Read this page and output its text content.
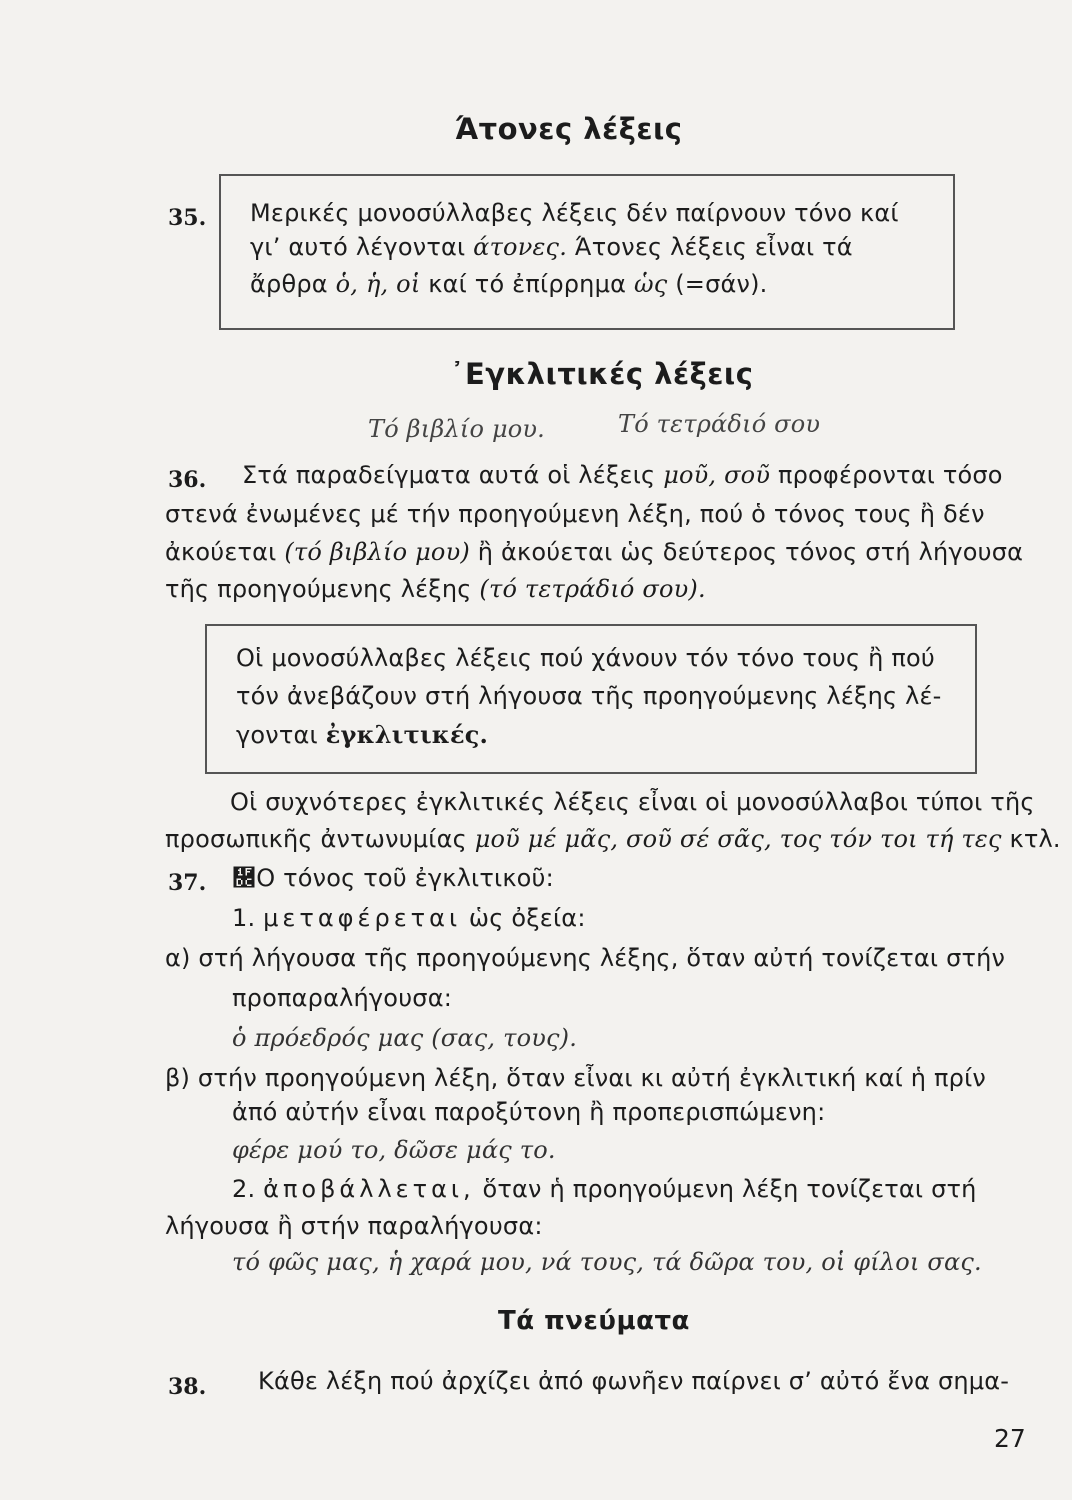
Άτονες λέξεις
35. Μερικές μονοσύλλαβες λέξεις δέν παίρνουν τόνο καί
γι’ αυτό λέγονται άτονες. Άτονες λέξεις εἶναι τά
ἄρθρα ὁ, ἡ, οἱ καί τό ἐπίρρημα ὡς (=σάν).
᾿Εγκλιτικές λέξεις
Τό βιβλίο μου.	Τό τετράδιό σου
36. Στά παραδείγματα αυτά οἱ λέξεις μοῦ, σοῦ προφέρονται τόσο
στενά ἐνωμένες μέ τήν προηγούμενη λέξη, πού ὁ τόνος τους ἢ δέν
ἀκούεται (τό βιβλίο μου) ἢ ἀκούεται ὡς δεύτερος τόνος στή λήγουσα
τῆς προηγούμενης λέξης (τό τετράδιό σου).
Οἱ μονοσύλλαβες λέξεις πού χάνουν τόν τόνο τους ἢ πού
τόν ἀνεβάζουν στή λήγουσα τῆς προηγούμενης λέξης λέ-
γονται ἐγκλιτικές.
Οἱ συχνότερες ἐγκλιτικές λέξεις εἶναι οἱ μονοσύλλαβοι τύποι τῆς
προσωπικῆς ἀντωνυμίας μοῦ μέ μᾶς, σοῦ σέ σᾶς, τος τόν τοι τή τες κτλ.
37. ῜Ο τόνος τοῦ ἐγκλιτικοῦ:
1. μεταφέρεται ὡς ὀξεία:
α) στή λήγουσα τῆς προηγούμενης λέξης, ὅταν αὐτή τονίζεται στήν
προπαραλήγουσα:
ὁ πρόεδρός μας (σας, τους).
β) στήν προηγούμενη λέξη, ὅταν εἶναι κι αὐτή ἐγκλιτική καί ἡ πρίν
ἀπό αὐτήν εἶναι παροξύτονη ἢ προπερισπώμενη:
φέρε μού το, δῶσε μάς το.
2. ἀποβάλλεται, ὅταν ἡ προηγούμενη λέξη τονίζεται στή
λήγουσα ἢ στήν παραλήγουσα:
τό φῶς μας, ἡ χαρά μου, νά τους, τά δῶρα του, οἱ φίλοι σας.
Τά πνεύματα
38. Κάθε λέξη πού ἀρχίζει ἀπό φωνῆεν παίρνει σ’ αὐτό ἔνα σημα-
27
